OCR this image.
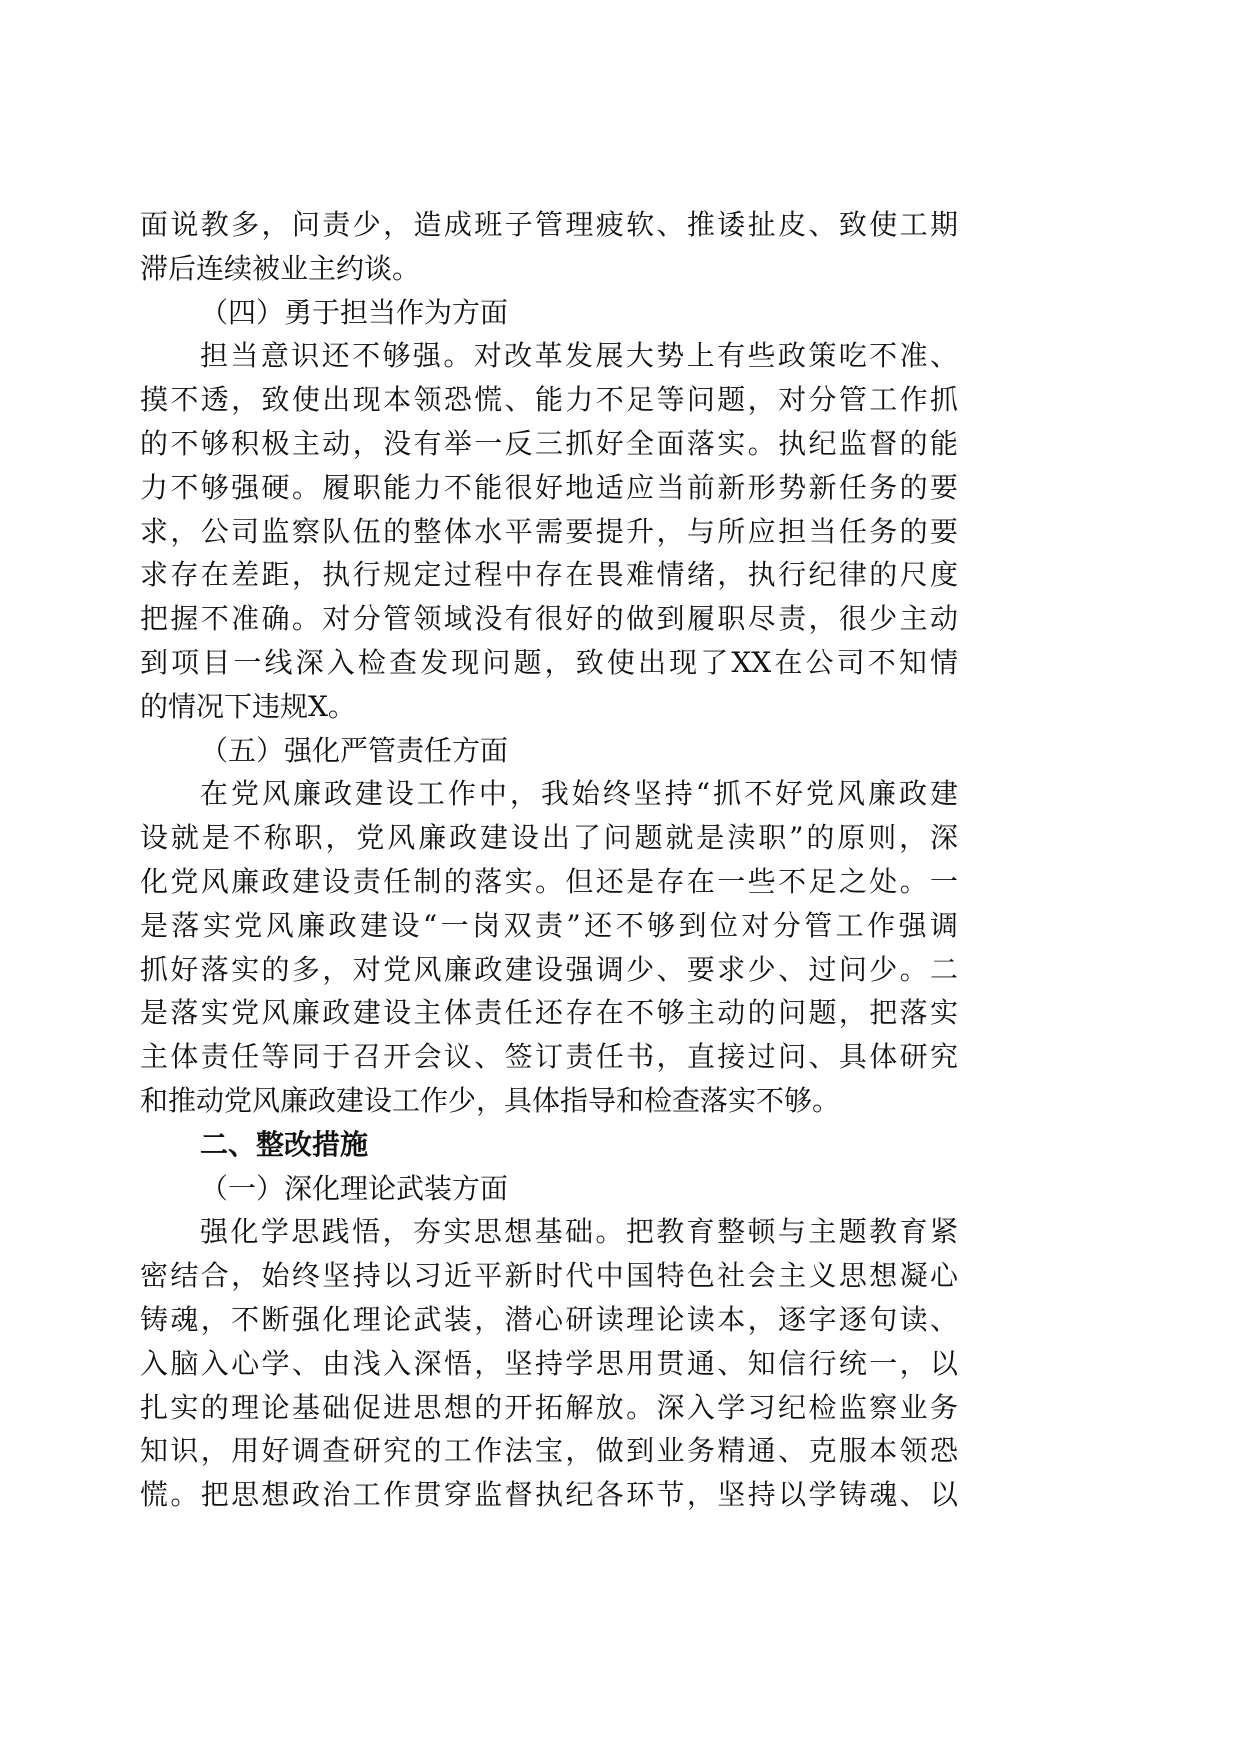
面说教多，问责少，造成班子管理疲软、推诿扯皮、致使工期
滞后连续被业主约谈。
（四）勇于担当作为方面
担当意识还不够强。对改革发展大势上有些政策吃不准、
摸不透，致使出现本领恐慌、能力不足等问题，对分管工作抓
的不够积极主动，没有举一反三抓好全面落实。执纪监督的能
力不够强硬。履职能力不能很好地适应当前新形势新任务的要
求，公司监察队伍的整体水平需要提升，与所应担当任务的要
求存在差距，执行规定过程中存在畏难情绪，执行纪律的尺度
把握不准确。对分管领域没有很好的做到履职尽责，很少主动
到项目一线深入检查发现问题，致使出现了XX在公司不知情
的情况下违规X。
（五）强化严管责任方面
在党风廉政建设工作中，我始终坚持“抓不好党风廉政建
设就是不称职，党风廉政建设出了问题就是渎职”的原则，深
化党风廉政建设责任制的落实。但还是存在一些不足之处。一
是落实党风廉政建设“一岗双责”还不够到位对分管工作强调
抓好落实的多，对党风廉政建设强调少、要求少、过问少。二
是落实党风廉政建设主体责任还存在不够主动的问题，把落实
主体责任等同于召开会议、签订责任书，直接过问、具体研究
和推动党风廉政建设工作少，具体指导和检查落实不够。
二、整改措施
（一）深化理论武装方面
强化学思践悟，夯实思想基础。把教育整顿与主题教育紧
密结合，始终坚持以习近平新时代中国特色社会主义思想凝心
铸魂，不断强化理论武装，潜心研读理论读本，逐字逐句读、
入脑入心学、由浅入深悟，坚持学思用贯通、知信行统一，以
扎实的理论基础促进思想的开拓解放。深入学习纪检监察业务
知识，用好调查研究的工作法宝，做到业务精通、克服本领恐
慌。把思想政治工作贯穿监督执纪各环节，坚持以学铸魂、以
